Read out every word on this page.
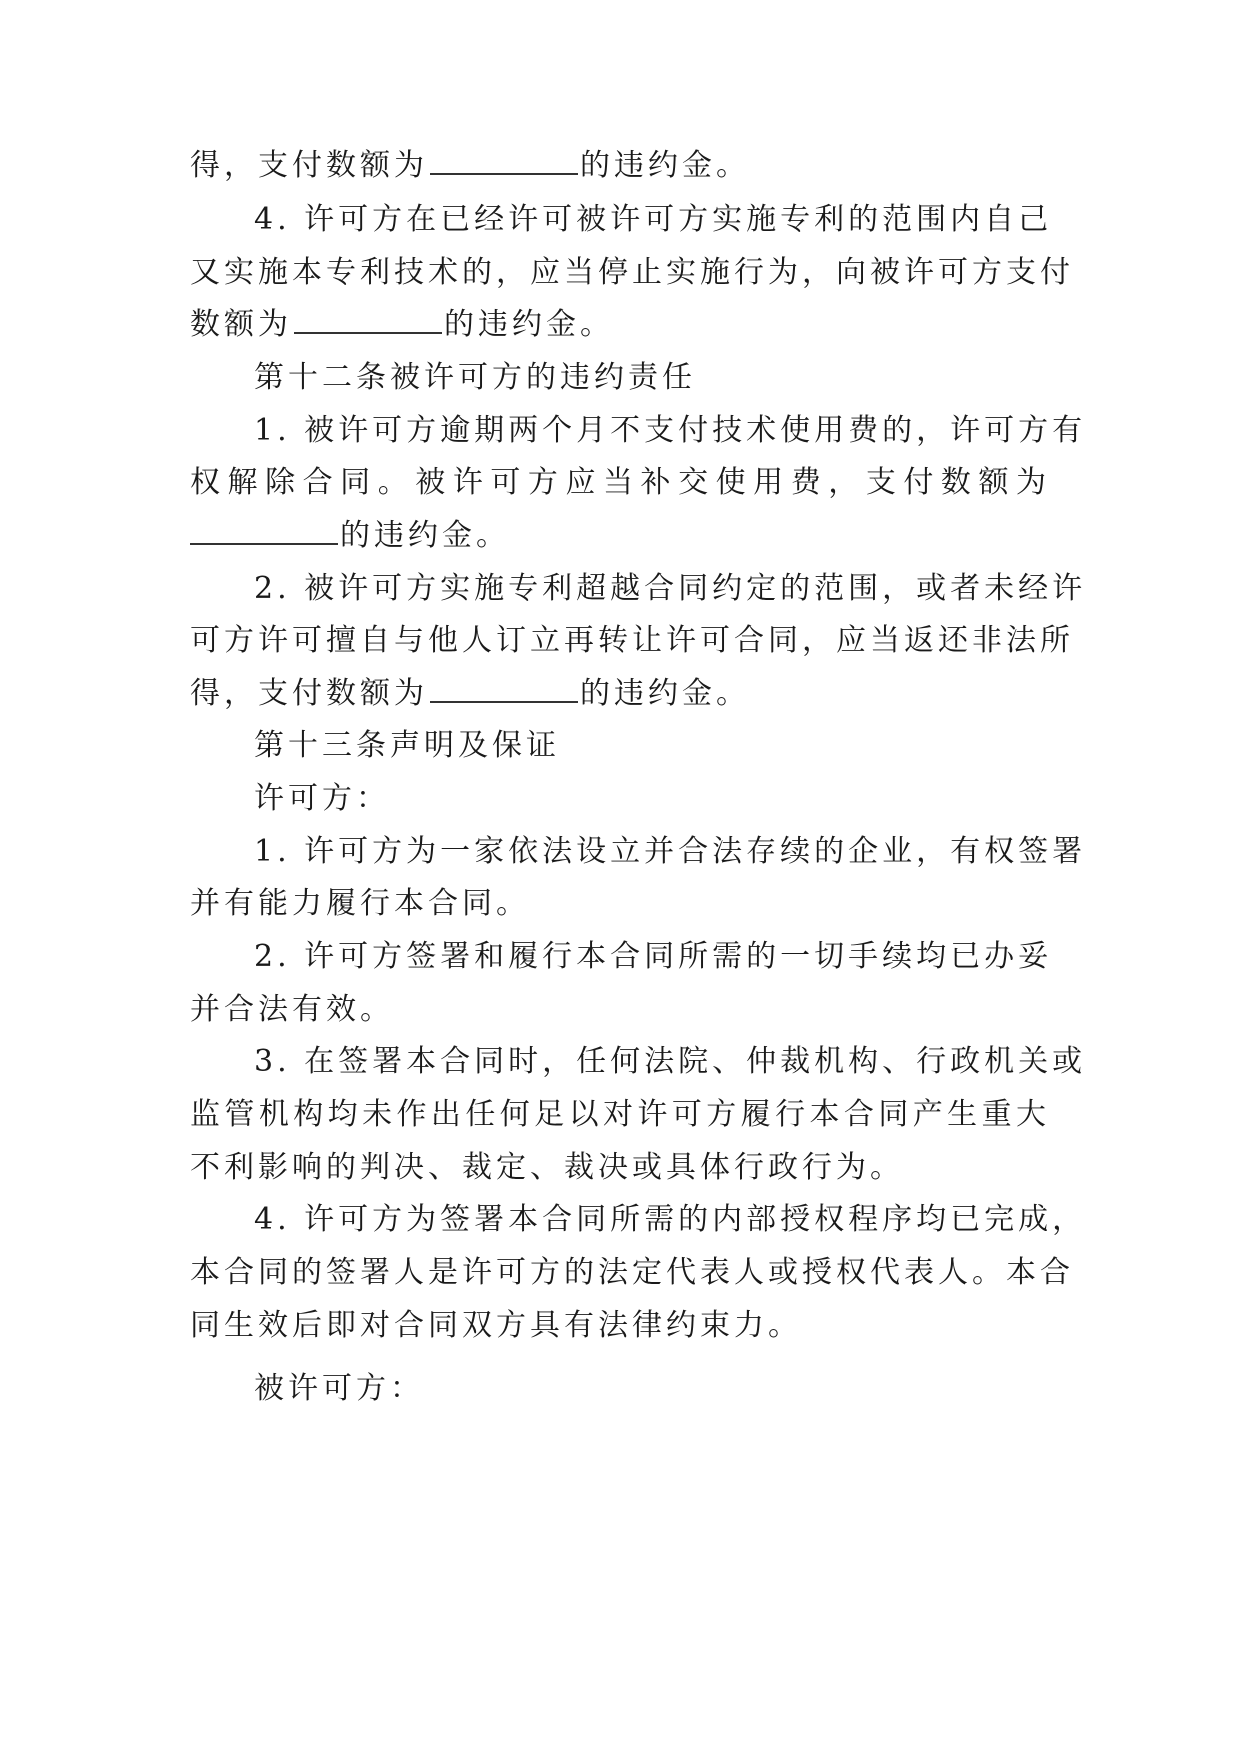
得，支付数额为	的违约金。
4. 许可方在已经许可被许可方实施专利的范围内自己
又实施本专利技术的，应当停止实施行为，向被许可方支付
数额为	的违约金。
第十二条被许可方的违约责任
1. 被许可方逾期两个月不支付技术使用费的，许可方有
权解除合同。被许可方应当补交使用费，支付数额为
的违约金。
2. 被许可方实施专利超越合同约定的范围，或者未经许
可方许可擅自与他人订立再转让许可合同，应当返还非法所
得，支付数额为	的违约金。
第十三条声明及保证
许可方：
1. 许可方为一家依法设立并合法存续的企业，有权签署
并有能力履行本合同。
2. 许可方签署和履行本合同所需的一切手续均已办妥
并合法有效。
3. 在签署本合同时，任何法院、仲裁机构、行政机关或
监管机构均未作出任何足以对许可方履行本合同产生重大
不利影响的判决、裁定、裁决或具体行政行为。
4. 许可方为签署本合同所需的内部授权程序均已完成，
本合同的签署人是许可方的法定代表人或授权代表人。本合
同生效后即对合同双方具有法律约束力。
被许可方：
